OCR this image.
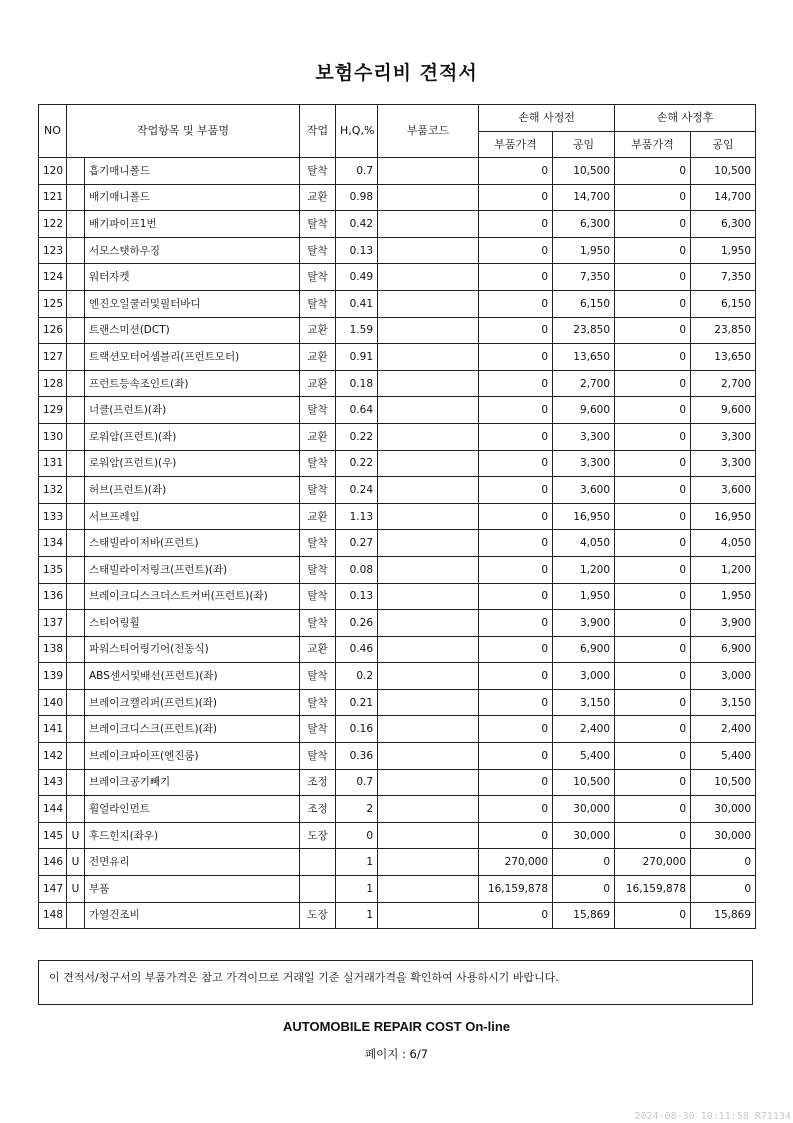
보험수리비 견적서
NO	작업항목 및 부품명		작업	H,Q,%	부품코드	손해 사정전		손해 사정후	
						부품가격	공임	부품가격	공임
120		흡기매니폴드	탈착	0.7		0	10,500	0	10,500
121		배기매니폴드	교환	0.98		0	14,700	0	14,700
122		배기파이프1번	탈착	0.42		0	6,300	0	6,300
123		서모스탯하우징	탈착	0.13		0	1,950	0	1,950
124		워터자켓	탈착	0.49		0	7,350	0	7,350
125		엔진오일쿨러및필터바디	탈착	0.41		0	6,150	0	6,150
126		트랜스미션(DCT)	교환	1.59		0	23,850	0	23,850
127		트랙션모터어셈블리(프런트모터)	교환	0.91		0	13,650	0	13,650
128		프런트등속조인트(좌)	교환	0.18		0	2,700	0	2,700
129		너클(프런트)(좌)	탈착	0.64		0	9,600	0	9,600
130		로워암(프런트)(좌)	교환	0.22		0	3,300	0	3,300
131		로워암(프런트)(우)	탈착	0.22		0	3,300	0	3,300
132		허브(프런트)(좌)	탈착	0.24		0	3,600	0	3,600
133		서브프레임	교환	1.13		0	16,950	0	16,950
134		스태빌라이저바(프런트)	탈착	0.27		0	4,050	0	4,050
135		스태빌라이저링크(프런트)(좌)	탈착	0.08		0	1,200	0	1,200
136		브레이크디스크더스트커버(프런트)(좌)	탈착	0.13		0	1,950	0	1,950
137		스티어링휠	탈착	0.26		0	3,900	0	3,900
138		파워스티어링기어(전동식)	교환	0.46		0	6,900	0	6,900
139		ABS센서및배선(프런트)(좌)	탈착	0.2		0	3,000	0	3,000
140		브레이크캘리퍼(프런트)(좌)	탈착	0.21		0	3,150	0	3,150
141		브레이크디스크(프런트)(좌)	탈착	0.16		0	2,400	0	2,400
142		브레이크파이프(엔진룸)	탈착	0.36		0	5,400	0	5,400
143		브레이크공기빼기	조정	0.7		0	10,500	0	10,500
144		휠얼라인먼트	조정	2		0	30,000	0	30,000
145	U	후드힌지(좌우)	도장	0		0	30,000	0	30,000
146	U	전면유리		1		270,000	0	270,000	0
147	U	부품		1		16,159,878	0	16,159,878	0
148		가열건조비	도장	1		0	15,869	0	15,869
이 견적서/청구서의 부품가격은 참고 가격이므로 거래일 기준 실거래가격을 확인하여 사용하시기 바랍니다.
AUTOMOBILE REPAIR COST On-line
페이지 : 6/7
2024-08-30 10:11:58 R71134
